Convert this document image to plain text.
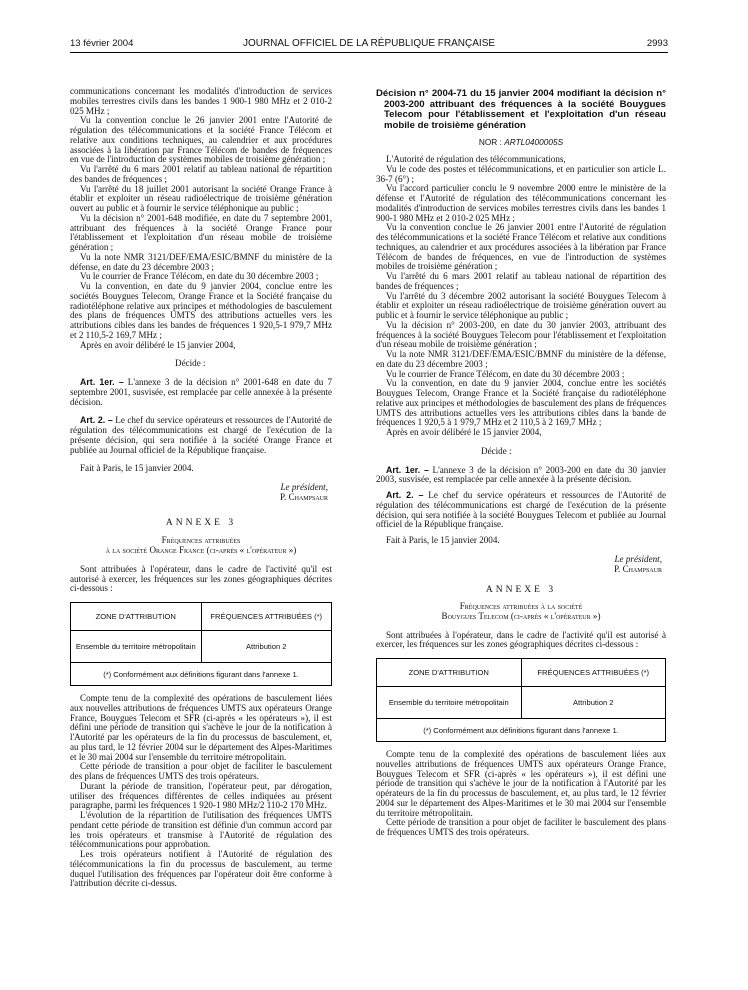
13 février 2004	JOURNAL OFFICIEL DE LA RÉPUBLIQUE FRANÇAISE	2993

communications concernant les modalités d'introduction de services mobiles terrestres civils dans les bandes 1 900-1 980 MHz et 2 010-2 025 MHz ;

Vu la convention conclue le 26 janvier 2001 entre l'Autorité de régulation des télécommunications et la société France Télécom et relative aux conditions techniques, au calendrier et aux procédures associées à la libération par France Télécom de bandes de fréquences en vue de l'introduction de systèmes mobiles de troisième génération ;

Vu l'arrêté du 6 mars 2001 relatif au tableau national de répartition des bandes de fréquences ;

Vu l'arrêté du 18 juillet 2001 autorisant la société Orange France à établir et exploiter un réseau radioélectrique de troisième génération ouvert au public et à fournir le service téléphonique au public ;

Vu la décision n° 2001-648 modifiée, en date du 7 septembre 2001, attribuant des fréquences à la société Orange France pour l'établissement et l'exploitation d'un réseau mobile de troisième génération ;

Vu la note NMR 3121/DEF/EMA/ESIC/BMNF du ministère de la défense, en date du 23 décembre 2003 ;

Vu le courrier de France Télécom, en date du 30 décembre 2003 ;

Vu la convention, en date du 9 janvier 2004, conclue entre les sociétés Bouygues Telecom, Orange France et la Société française du radiotéléphone relative aux principes et méthodologies de basculement des plans de fréquences UMTS des attributions actuelles vers les attributions cibles dans les bandes de fréquences 1 920,5-1 979,7 MHz et 2 110,5-2 169,7 MHz ;

Après en avoir délibéré le 15 janvier 2004,

Décide :

Art. 1er. – L'annexe 3 de la décision n° 2001-648 en date du 7 septembre 2001, susvisée, est remplacée par celle annexée à la présente décision.

Art. 2. – Le chef du service opérateurs et ressources de l'Autorité de régulation des télécommunications est chargé de l'exécution de la présente décision, qui sera notifiée à la société Orange France et publiée au Journal officiel de la République française.

Fait à Paris, le 15 janvier 2004.

Le président,

P. Champsaur

ANNEXE 3

Fréquences attribuées

à la société Orange France (ci-après « l'opérateur »)

Sont attribuées à l'opérateur, dans le cadre de l'activité qu'il est autorisé à exercer, les fréquences sur les zones géographiques décrites ci-dessous :

ZONE D'ATTRIBUTION	FRÉQUENCES ATTRIBUÉES (*)
Ensemble du territoire métropolitain	Attribution 2
(*) Conformément aux définitions figurant dans l'annexe 1.

Compte tenu de la complexité des opérations de basculement liées aux nouvelles attributions de fréquences UMTS aux opérateurs Orange France, Bouygues Telecom et SFR (ci-après « les opérateurs »), il est défini une période de transition qui s'achève le jour de la notification à l'Autorité par les opérateurs de la fin du processus de basculement, et, au plus tard, le 12 février 2004 sur le département des Alpes-Maritimes et le 30 mai 2004 sur l'ensemble du territoire métropolitain.

Cette période de transition a pour objet de faciliter le basculement des plans de fréquences UMTS des trois opérateurs.

Durant la période de transition, l'opérateur peut, par dérogation, utiliser des fréquences différentes de celles indiquées au présent paragraphe, parmi les fréquences 1 920-1 980 MHz/2 110-2 170 MHz.

L'évolution de la répartition de l'utilisation des fréquences UMTS pendant cette période de transition est définie d'un commun accord par les trois opérateurs et transmise à l'Autorité de régulation des télécommunications pour approbation.

Les trois opérateurs notifient à l'Autorité de régulation des télécommunications la fin du processus de basculement, au terme duquel l'utilisation des fréquences par l'opérateur doit être conforme à l'attribution décrite ci-dessus.

Décision n° 2004-71 du 15 janvier 2004 modifiant la décision n° 2003-200 attribuant des fréquences à la société Bouygues Telecom pour l'établissement et l'exploitation d'un réseau mobile de troisième génération
NOR : ARTL0400005S

L'Autorité de régulation des télécommunications,

Vu le code des postes et télécommunications, et en particulier son article L. 36-7 (6°) ;

Vu l'accord particulier conclu le 9 novembre 2000 entre le ministère de la défense et l'Autorité de régulation des télécommunications concernant les modalités d'introduction de services mobiles terrestres civils dans les bandes 1 900-1 980 MHz et 2 010-2 025 MHz ;

Vu la convention conclue le 26 janvier 2001 entre l'Autorité de régulation des télécommunications et la société France Télécom et relative aux conditions techniques, au calendrier et aux procédures associées à la libération par France Télécom de bandes de fréquences, en vue de l'introduction de systèmes mobiles de troisième génération ;

Vu l'arrêté du 6 mars 2001 relatif au tableau national de répartition des bandes de fréquences ;

Vu l'arrêté du 3 décembre 2002 autorisant la société Bouygues Telecom à établir et exploiter un réseau radioélectrique de troisième génération ouvert au public et à fournir le service téléphonique au public ;

Vu la décision n° 2003-200, en date du 30 janvier 2003, attribuant des fréquences à la société Bouygues Telecom pour l'établissement et l'exploitation d'un réseau mobile de troisième génération ;

Vu la note NMR 3121/DEF/EMA/ESIC/BMNF du ministère de la défense, en date du 23 décembre 2003 ;

Vu le courrier de France Télécom, en date du 30 décembre 2003 ;

Vu la convention, en date du 9 janvier 2004, conclue entre les sociétés Bouygues Telecom, Orange France et la Société française du radiotéléphone relative aux principes et méthodologies de basculement des plans de fréquences UMTS des attributions actuelles vers les attributions cibles dans la bande de fréquences 1 920,5 à 1 979,7 MHz et 2 110,5 à 2 169,7 MHz ;

Après en avoir délibéré le 15 janvier 2004,

Décide :

Art. 1er. – L'annexe 3 de la décision n° 2003-200 en date du 30 janvier 2003, susvisée, est remplacée par celle annexée à la présente décision.

Art. 2. – Le chef du service opérateurs et ressources de l'Autorité de régulation des télécommunications est chargé de l'exécution de la présente décision, qui sera notifiée à la société Bouygues Telecom et publiée au Journal officiel de la République française.

Fait à Paris, le 15 janvier 2004.

Le président,

P. Champsaur

ANNEXE 3

Fréquences attribuées à la société

Bouygues Telecom (ci-après « l'opérateur »)

Sont attribuées à l'opérateur, dans le cadre de l'activité qu'il est autorisé à exercer, les fréquences sur les zones géographiques décrites ci-dessous :

ZONE D'ATTRIBUTION	FRÉQUENCES ATTRIBUÉES (*)
Ensemble du territoire métropolitain	Attribution 2
(*) Conformément aux définitions figurant dans l'annexe 1.

Compte tenu de la complexité des opérations de basculement liées aux nouvelles attributions de fréquences UMTS aux opérateurs Orange France, Bouygues Telecom et SFR (ci-après « les opérateurs »), il est défini une période de transition qui s'achève le jour de la notification à l'Autorité par les opérateurs de la fin du processus de basculement, et, au plus tard, le 12 février 2004 sur le département des Alpes-Maritimes et le 30 mai 2004 sur l'ensemble du territoire métropolitain.

Cette période de transition a pour objet de faciliter le basculement des plans de fréquences UMTS des trois opérateurs.
